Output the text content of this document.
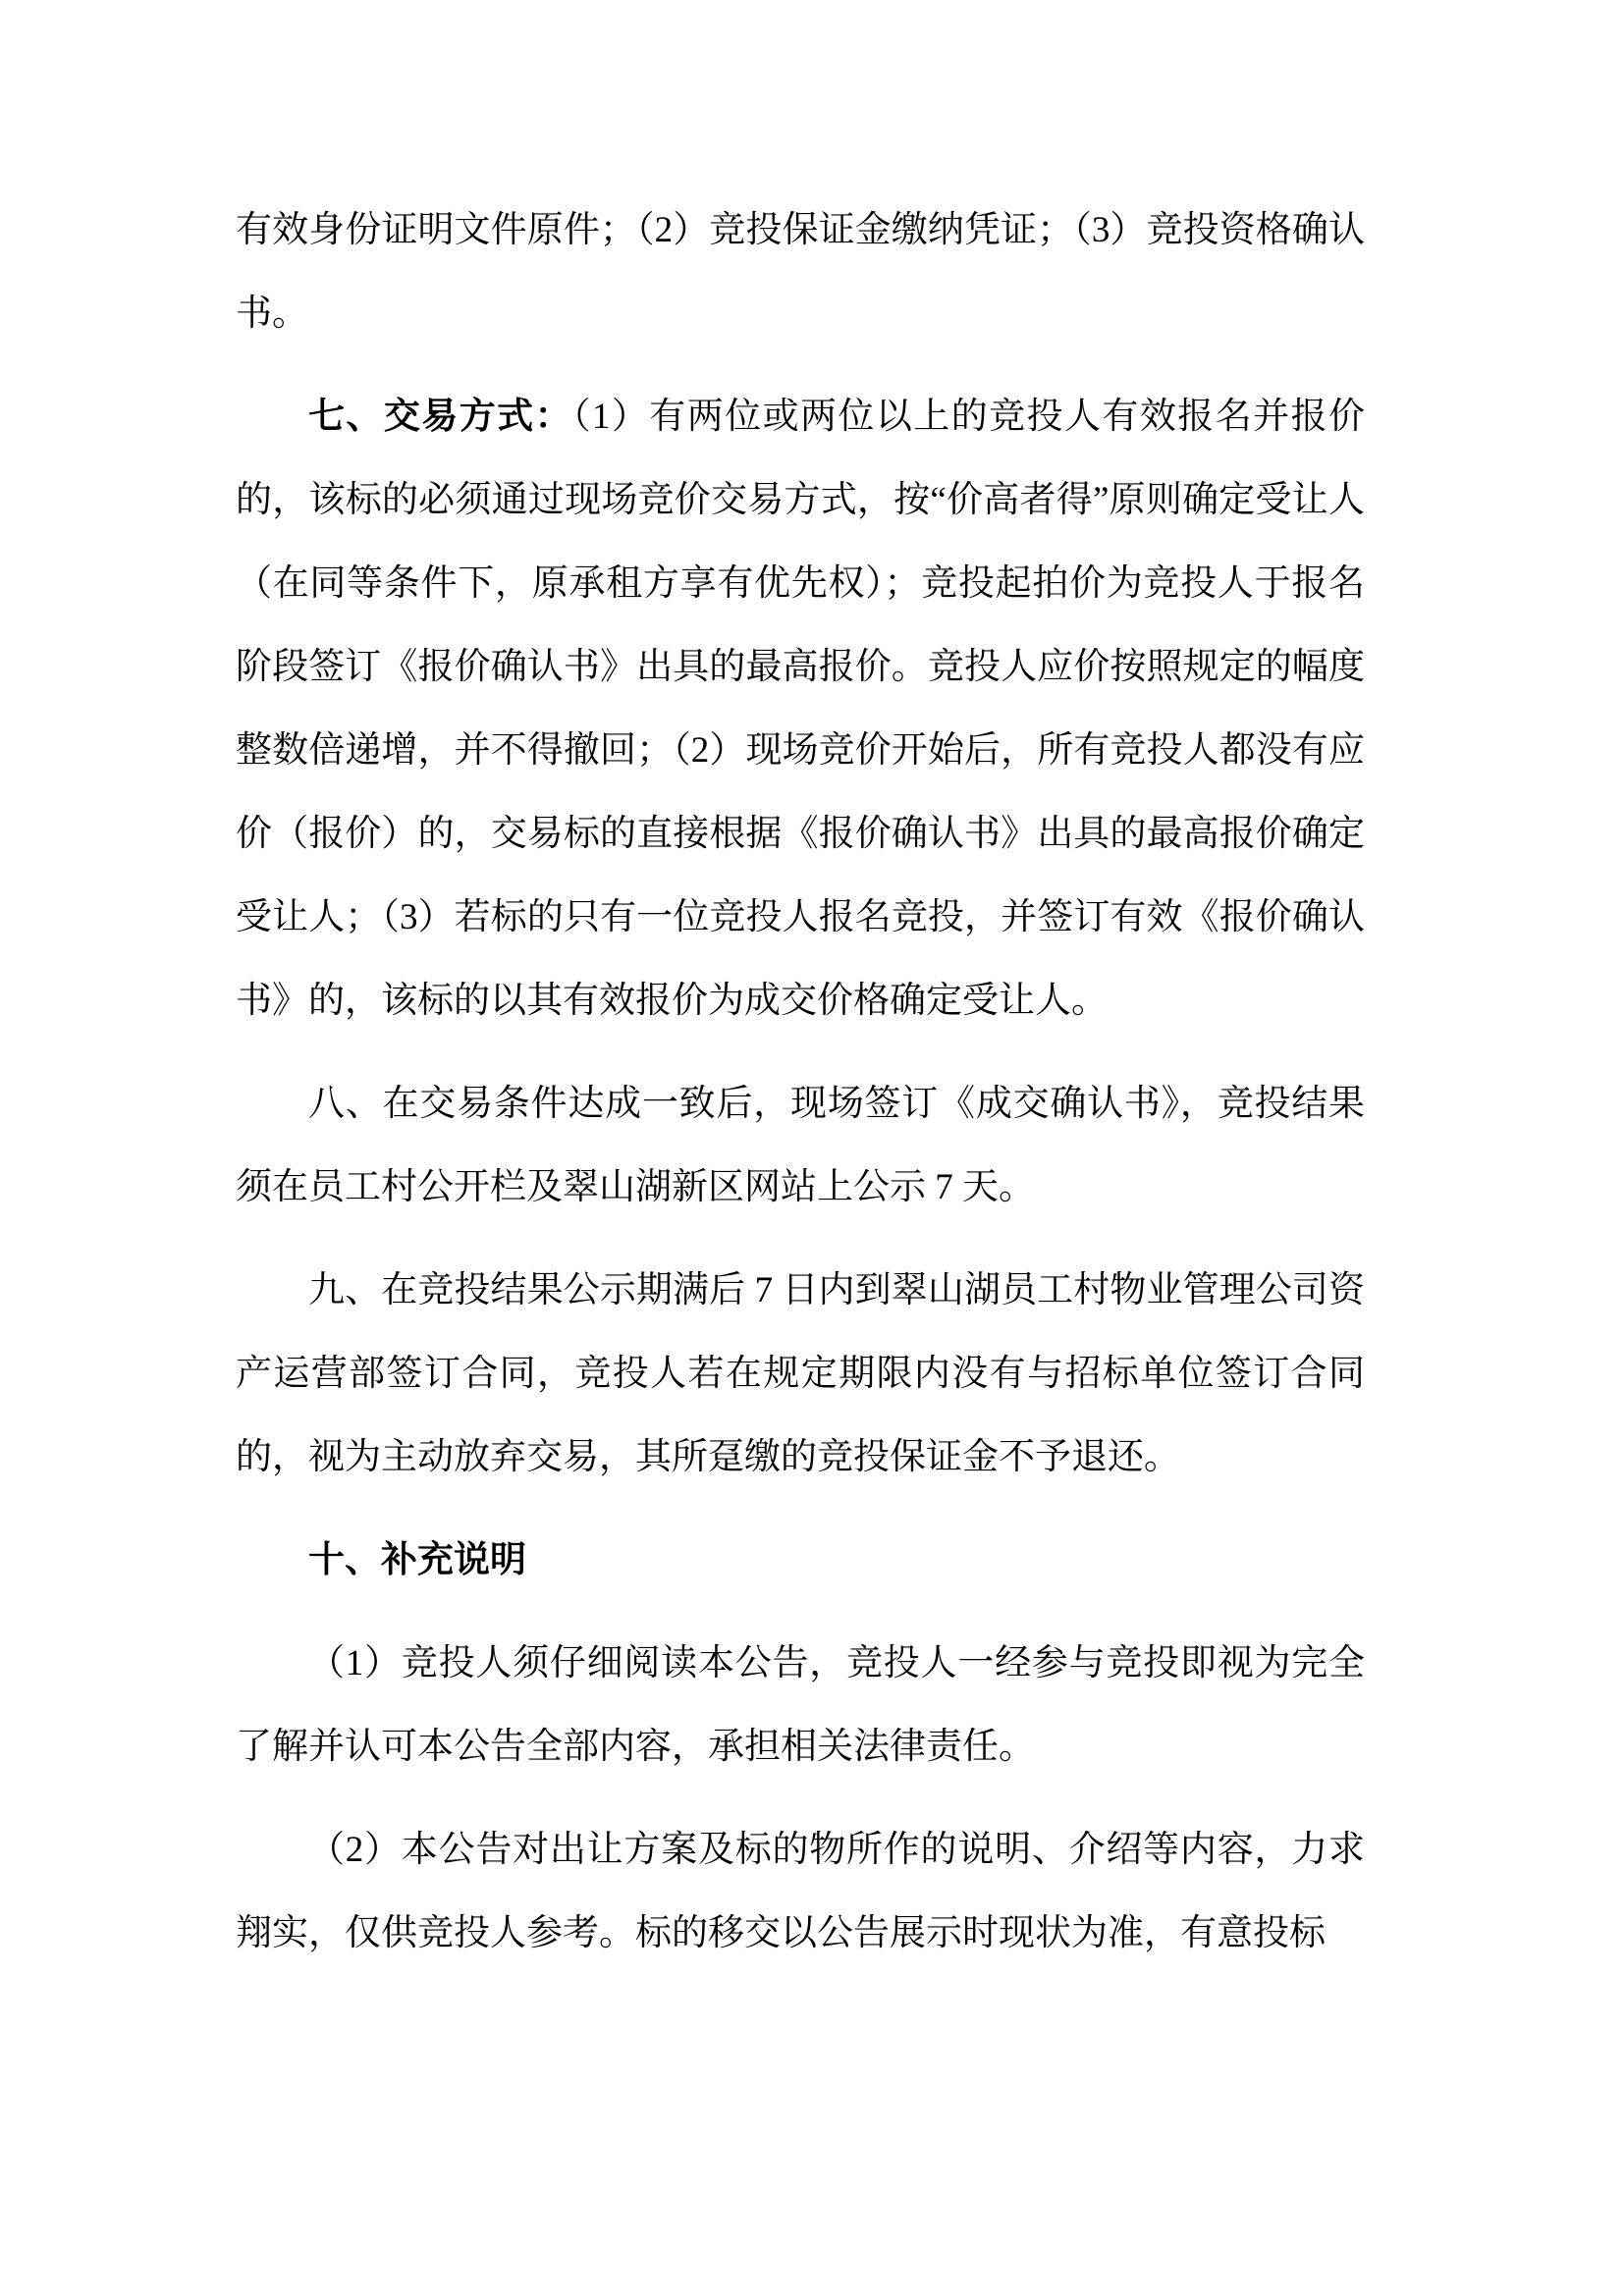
有效身份证明文件原件；（2）竞投保证金缴纳凭证；（3）竞投资格确认书。

七、交易方式：（1）有两位或两位以上的竞投人有效报名并报价的，该标的必须通过现场竞价交易方式，按“价高者得”原则确定受让人（在同等条件下，原承租方享有优先权）；竞投起拍价为竞投人于报名阶段签订《报价确认书》出具的最高报价。竞投人应价按照规定的幅度整数倍递增，并不得撤回；（2）现场竞价开始后，所有竞投人都没有应价（报价）的，交易标的直接根据《报价确认书》出具的最高报价确定受让人；（3）若标的只有一位竞投人报名竞投，并签订有效《报价确认书》的，该标的以其有效报价为成交价格确定受让人。

八、在交易条件达成一致后，现场签订《成交确认书》，竞投结果须在员工村公开栏及翠山湖新区网站上公示 7 天。

九、在竞投结果公示期满后 7 日内到翠山湖员工村物业管理公司资产运营部签订合同，竞投人若在规定期限内没有与招标单位签订合同的，视为主动放弃交易，其所趸缴的竞投保证金不予退还。

十、补充说明

（1）竞投人须仔细阅读本公告，竞投人一经参与竞投即视为完全了解并认可本公告全部内容，承担相关法律责任。

（2）本公告对出让方案及标的物所作的说明、介绍等内容，力求翔实，仅供竞投人参考。标的移交以公告展示时现状为准，有意投标
